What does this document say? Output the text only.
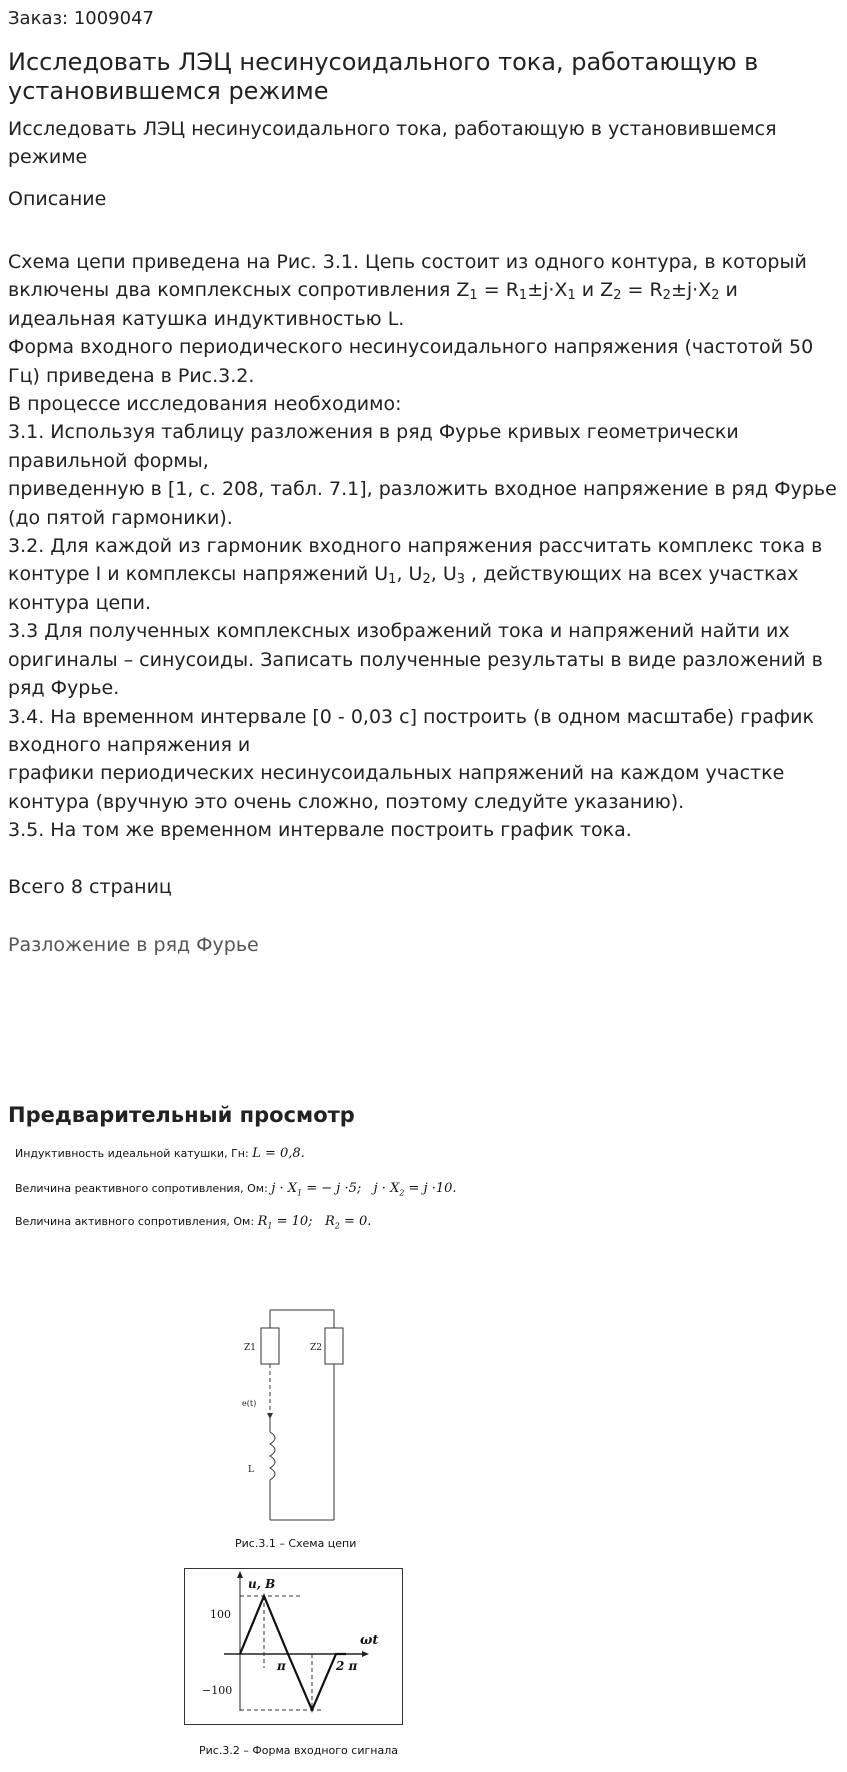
Заказ: 1009047
Исследовать ЛЭЦ несинусоидального тока, работающую в установившемся режиме
Исследовать ЛЭЦ несинусоидального тока, работающую в установившемся режиме
Описание

Схема цепи приведена на Рис. 3.1. Цепь состоит из одного контура, в который включены два комплексных сопротивления $Z_1 = R_1\pm j\cdot X_1$ и $Z_2 = R_2\pm j\cdot X_2$ и идеальная катушка индуктивностью L.

Форма входного периодического несинусоидального напряжения (частотой 50 Гц) приведена в Рис.3.2.

В процессе исследования необходимо:

3.1. Используя таблицу разложения в ряд Фурье кривых геометрически правильной формы,

приведенную в [1, с. 208, табл. 7.1], разложить входное напряжение в ряд Фурье (до пятой гармоники).

3.2. Для каждой из гармоник входного напряжения рассчитать комплекс тока в контуре I и комплексы напряжений $U_1$, $U_2$, $U_3$ , действующих на всех участках контура цепи.

3.3 Для полученных комплексных изображений тока и напряжений найти их оригиналы – синусоиды. Записать полученные результаты в виде разложений в ряд Фурье.

3.4. На временном интервале [0 - 0,03 с] построить (в одном масштабе) график входного напряжения и

графики периодических несинусоидальных напряжений на каждом участке контура (вручную это очень сложно, поэтому следуйте указанию).

3.5. На том же временном интервале построить график тока.

Всего 8 страниц
Разложение в ряд Фурье
Предварительный просмотр
Индуктивность идеальной катушки, Гн: L = 0,8.
Величина реактивного сопротивления, Ом: $j \cdot X_1$ = − j ·5; $j \cdot X_2 = j \cdot 10$.
Величина активного сопротивления, Ом: $R_1 = 10$; $R_2 = 0$.
Z1	Z2
e(t)
L
Рис.3.1 – Схема цепи
u, B
ωt
100
−100
π	2 π
Рис.3.2 – Форма входного сигнала
